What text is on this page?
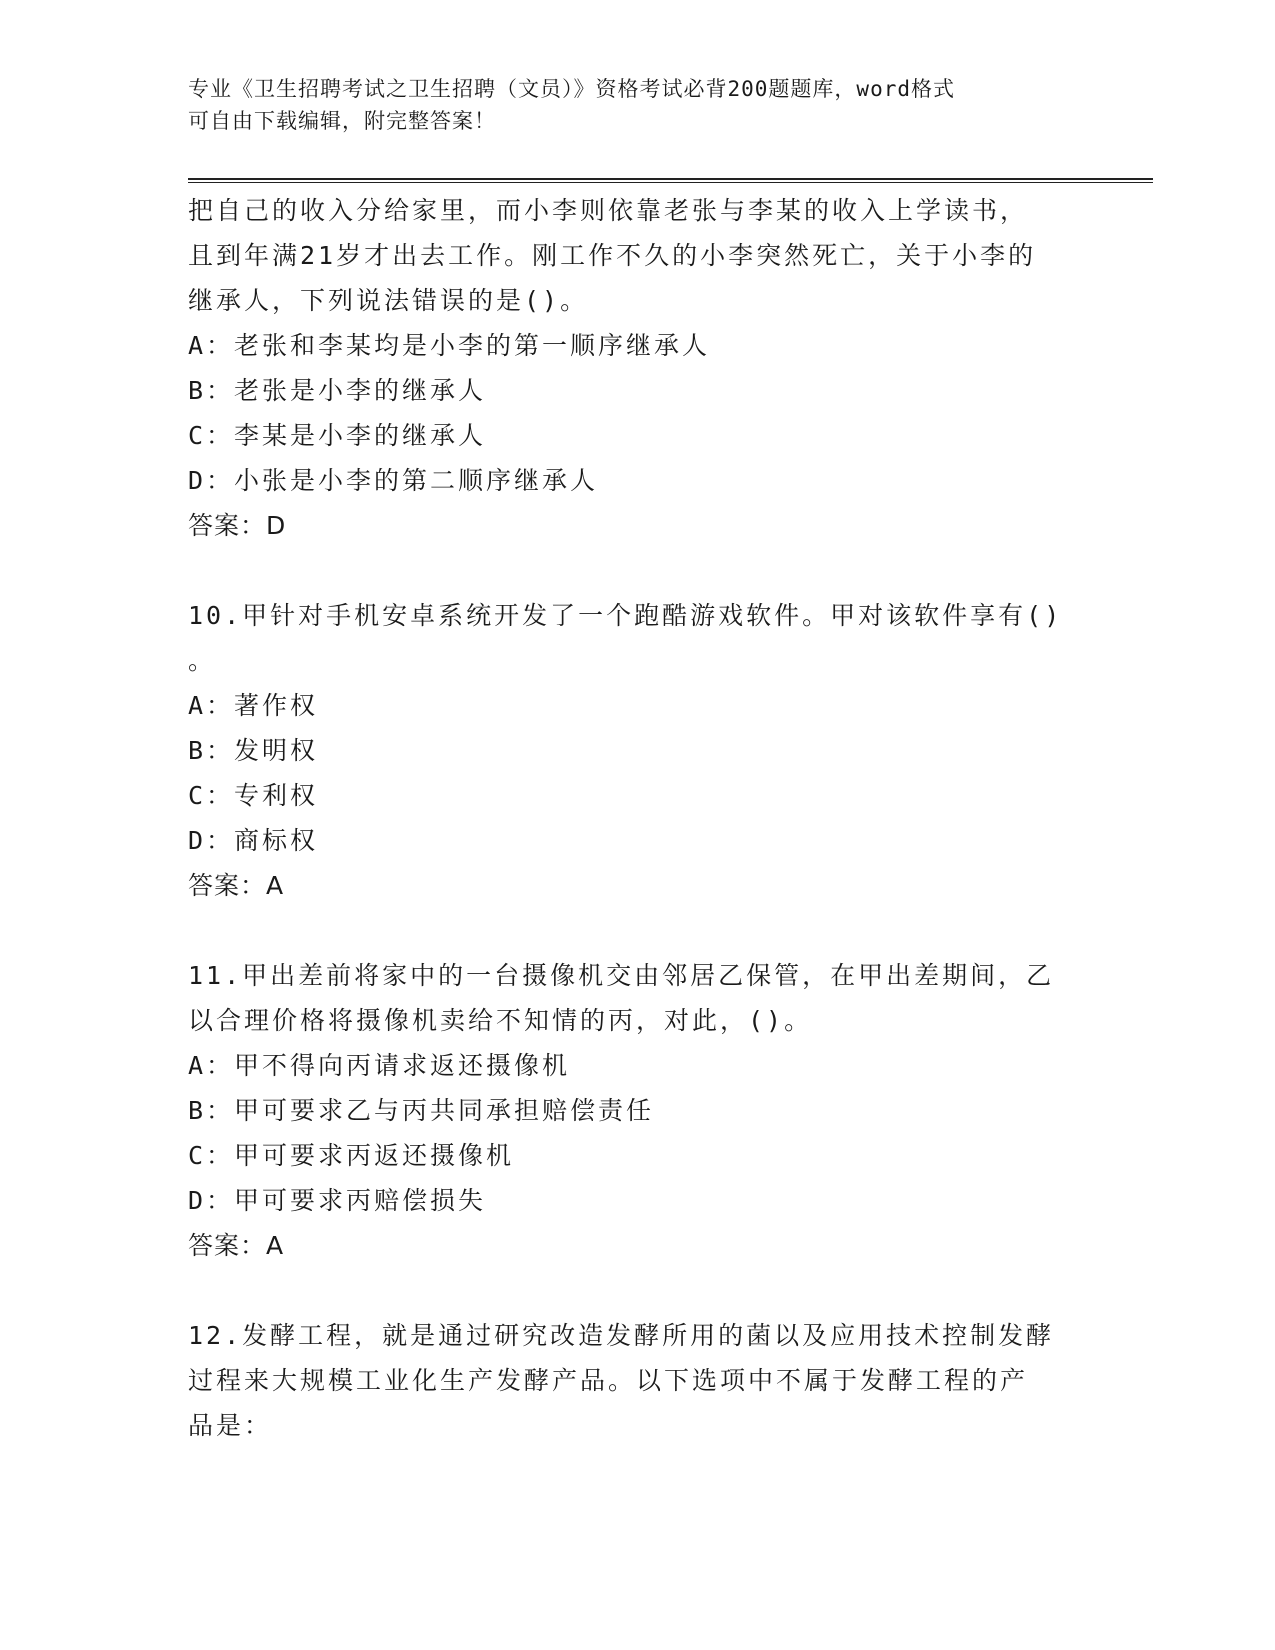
专业《卫生招聘考试之卫生招聘（文员）》资格考试必背200题题库，word格式
可自由下载编辑，附完整答案！
把自己的收入分给家里，而小李则依靠老张与李某的收入上学读书，
且到年满21岁才出去工作。刚工作不久的小李突然死亡，关于小李的
继承人，下列说法错误的是()。
A：老张和李某均是小李的第一顺序继承人
B：老张是小李的继承人
C：李某是小李的继承人
D：小张是小李的第二顺序继承人
答案：D
10.甲针对手机安卓系统开发了一个跑酷游戏软件。甲对该软件享有()
。
A：著作权
B：发明权
C：专利权
D：商标权
答案：A
11.甲出差前将家中的一台摄像机交由邻居乙保管，在甲出差期间，乙
以合理价格将摄像机卖给不知情的丙，对此，()。
A：甲不得向丙请求返还摄像机
B：甲可要求乙与丙共同承担赔偿责任
C：甲可要求丙返还摄像机
D：甲可要求丙赔偿损失
答案：A
12.发酵工程，就是通过研究改造发酵所用的菌以及应用技术控制发酵
过程来大规模工业化生产发酵产品。以下选项中不属于发酵工程的产
品是：
